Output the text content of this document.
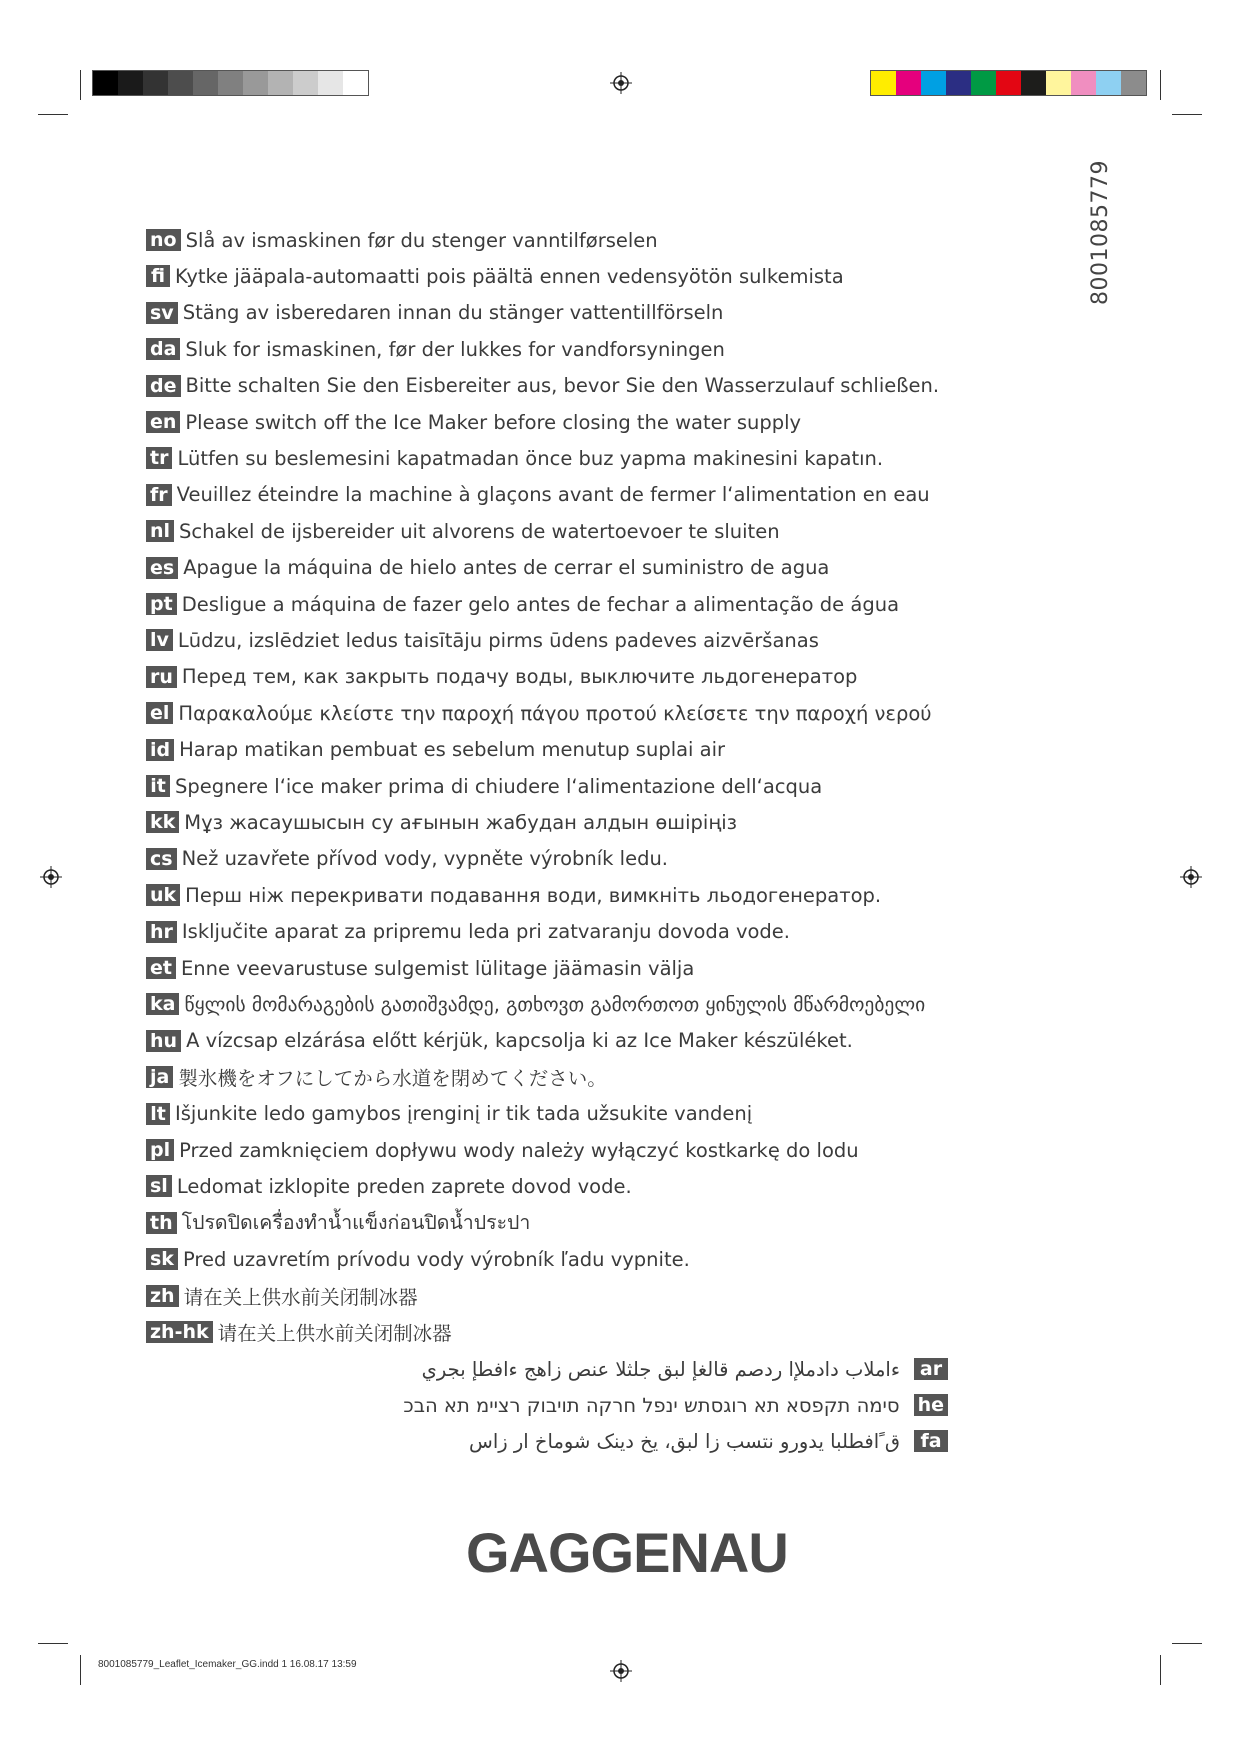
8001085779
no Slå av ismaskinen før du stenger vanntilførselen
fi Kytke jääpala-automaatti pois päältä ennen vedensyötön sulkemista
sv Stäng av isberedaren innan du stänger vattentillförseln
da Sluk for ismaskinen, før der lukkes for vandforsyningen
de Bitte schalten Sie den Eisbereiter aus, bevor Sie den Wasserzulauf schließen.
en Please switch off the Ice Maker before closing the water supply
tr Lütfen su beslemesini kapatmadan önce buz yapma makinesini kapatın.
fr Veuillez éteindre la machine à glaçons avant de fermer l‘alimentation en eau
nl Schakel de ijsbereider uit alvorens de watertoevoer te sluiten
es Apague la máquina de hielo antes de cerrar el suministro de agua
pt Desligue a máquina de fazer gelo antes de fechar a alimentação de água
lv Lūdzu, izslēdziet ledus taisītāju pirms ūdens padeves aizvēršanas
ru Перед тем, как закрыть подачу воды, выключите льдогенератор
el Παρακαλούμε κλείστε την παροχή πάγου προτού κλείσετε την παροχή νερού
id Harap matikan pembuat es sebelum menutup suplai air
it Spegnere l‘ice maker prima di chiudere l‘alimentazione dell‘acqua
kk Мұз жасаушысын су ағынын жабудан алдын өшіріңіз
cs Než uzavřete přívod vody, vypněte výrobník ledu.
uk Перш ніж перекривати подавання води, вимкніть льодогенератор.
hr Isključite aparat za pripremu leda pri zatvaranju dovoda vode.
et Enne veevarustuse sulgemist lülitage jäämasin välja
ka წყლის მომარაგების გათიშვამდე, გთხოვთ გამორთოთ ყინულის მწარმოებელი
hu A vízcsap elzárása előtt kérjük, kapcsolja ki az Ice Maker készüléket.
ja 製氷機をオフにしてから水道を閉めてください。
lt Išjunkite ledo gamybos įrenginį ir tik tada užsukite vandenį
pl Przed zamknięciem dopływu wody należy wyłączyć kostkarkę do lodu
sl Ledomat izklopite preden zaprete dovod vode.
th โปรดปิดเครื่องทำน้ำแข็งก่อนปิดน้ำประปา
sk Pred uzavretím prívodu vody výrobník ľadu vypnite.
zh 请在关上供水前关闭制冰器
zh-hk 请在关上供水前关闭制冰器
ءاملاب دادملإا ردصم قالغإ لبق جلثلا عنص زاهج ءافطإ بجري	ar
סימה תקפסא תא רוגסתש ינפל חרקה תויבוק רציימ תא הבכ he
ق ًافطلبا یدورو نتسب زا لبق، یخ دینک شوماخ ار زاس	fa
GAGGENAU
8001085779_Leaflet_Icemaker_GG.indd 1 16.08.17 13:59
